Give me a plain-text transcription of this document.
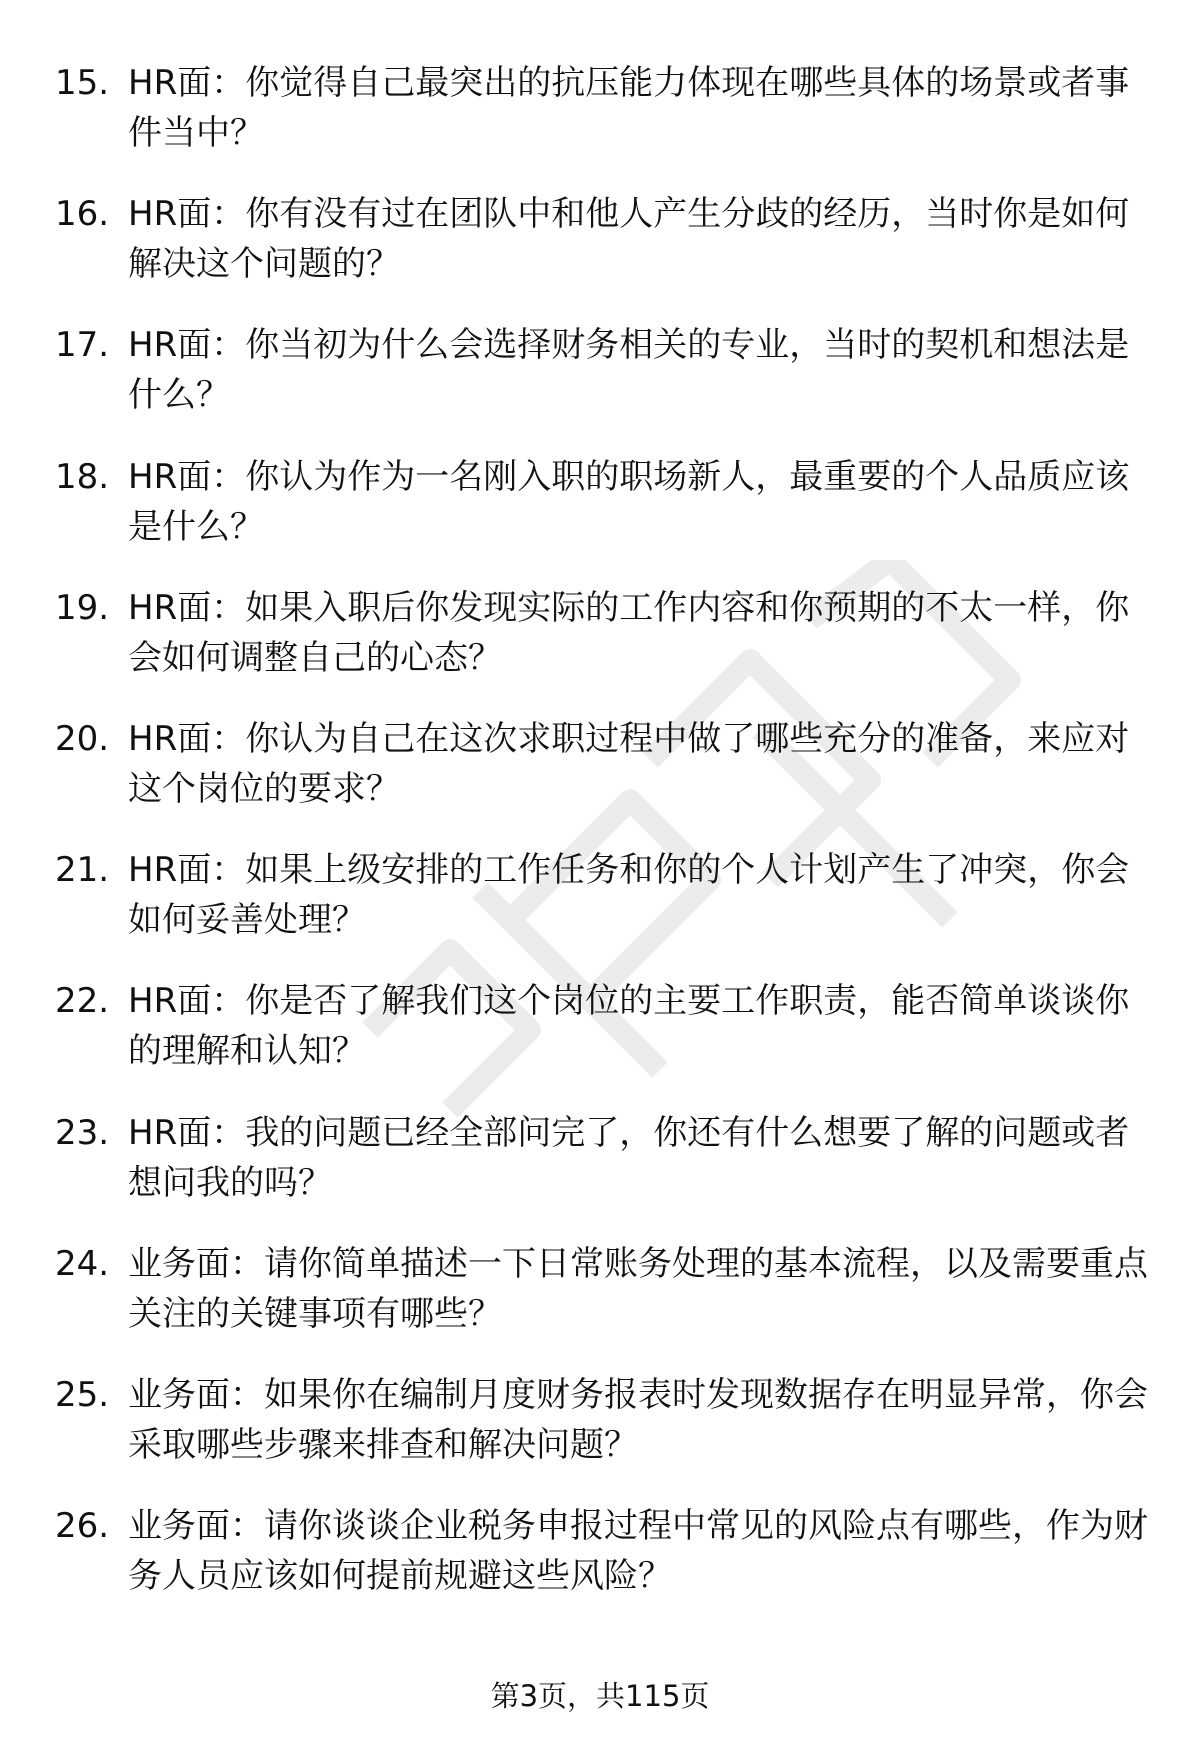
15. HR面：你觉得自己最突出的抗压能力体现在哪些具体的场景或者事件当中？
16. HR面：你有没有过在团队中和他人产生分歧的经历，当时你是如何解决这个问题的？
17. HR面：你当初为什么会选择财务相关的专业，当时的契机和想法是什么？
18. HR面：你认为作为一名刚入职的职场新人，最重要的个人品质应该是什么？
19. HR面：如果入职后你发现实际的工作内容和你预期的不太一样，你会如何调整自己的心态？
20. HR面：你认为自己在这次求职过程中做了哪些充分的准备，来应对这个岗位的要求？
21. HR面：如果上级安排的工作任务和你的个人计划产生了冲突，你会如何妥善处理？
22. HR面：你是否了解我们这个岗位的主要工作职责，能否简单谈谈你的理解和认知？
23. HR面：我的问题已经全部问完了，你还有什么想要了解的问题或者想问我的吗？
24. 业务面：请你简单描述一下日常账务处理的基本流程，以及需要重点关注的关键事项有哪些？
25. 业务面：如果你在编制月度财务报表时发现数据存在明显异常，你会采取哪些步骤来排查和解决问题？
26. 业务面：请你谈谈企业税务申报过程中常见的风险点有哪些，作为财务人员应该如何提前规避这些风险？
第3页，共115页
